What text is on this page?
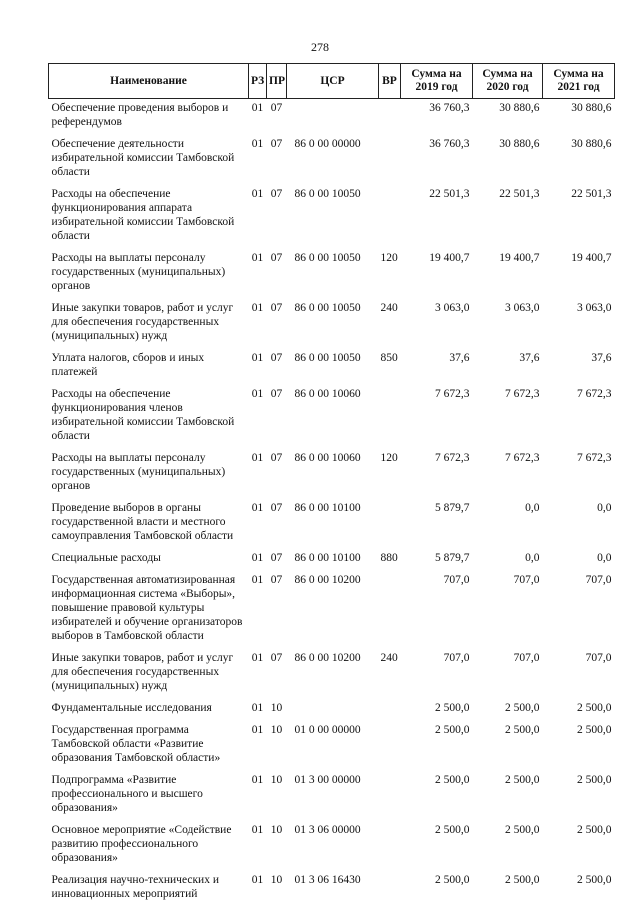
278
Наименование	РЗ	ПР	ЦСР	ВР	Сумма на 2019 год	Сумма на 2020 год	Сумма на 2021 год
Обеспечение проведения выборов и референдумов	01	07			36 760,3	30 880,6	30 880,6
Обеспечение деятельности избирательной комиссии Тамбовской области	01	07	86 0 00 00000		36 760,3	30 880,6	30 880,6
Расходы на обеспечение функционирования аппарата избирательной комиссии Тамбовской области	01	07	86 0 00 10050		22 501,3	22 501,3	22 501,3
Расходы на выплаты персоналу государственных (муниципальных) органов	01	07	86 0 00 10050	120	19 400,7	19 400,7	19 400,7
Иные закупки товаров, работ и услуг для обеспечения государственных (муниципальных) нужд	01	07	86 0 00 10050	240	3 063,0	3 063,0	3 063,0
Уплата налогов, сборов и иных платежей	01	07	86 0 00 10050	850	37,6	37,6	37,6
Расходы на обеспечение функционирования членов избирательной комиссии Тамбовской области	01	07	86 0 00 10060		7 672,3	7 672,3	7 672,3
Расходы на выплаты персоналу государственных (муниципальных) органов	01	07	86 0 00 10060	120	7 672,3	7 672,3	7 672,3
Проведение выборов в органы государственной власти и местного самоуправления Тамбовской области	01	07	86 0 00 10100		5 879,7	0,0	0,0
Специальные расходы	01	07	86 0 00 10100	880	5 879,7	0,0	0,0
Государственная автоматизированная информационная система «Выборы», повышение правовой культуры избирателей и обучение организаторов выборов в Тамбовской области	01	07	86 0 00 10200		707,0	707,0	707,0
Иные закупки товаров, работ и услуг для обеспечения государственных (муниципальных) нужд	01	07	86 0 00 10200	240	707,0	707,0	707,0
Фундаментальные исследования	01	10			2 500,0	2 500,0	2 500,0
Государственная программа Тамбовской области «Развитие образования Тамбовской области»	01	10	01 0 00 00000		2 500,0	2 500,0	2 500,0
Подпрограмма «Развитие профессионального и высшего образования»	01	10	01 3 00 00000		2 500,0	2 500,0	2 500,0
Основное мероприятие «Содействие развитию профессионального образования»	01	10	01 3 06 00000		2 500,0	2 500,0	2 500,0
Реализация научно-технических и инновационных мероприятий	01	10	01 3 06 16430		2 500,0	2 500,0	2 500,0
